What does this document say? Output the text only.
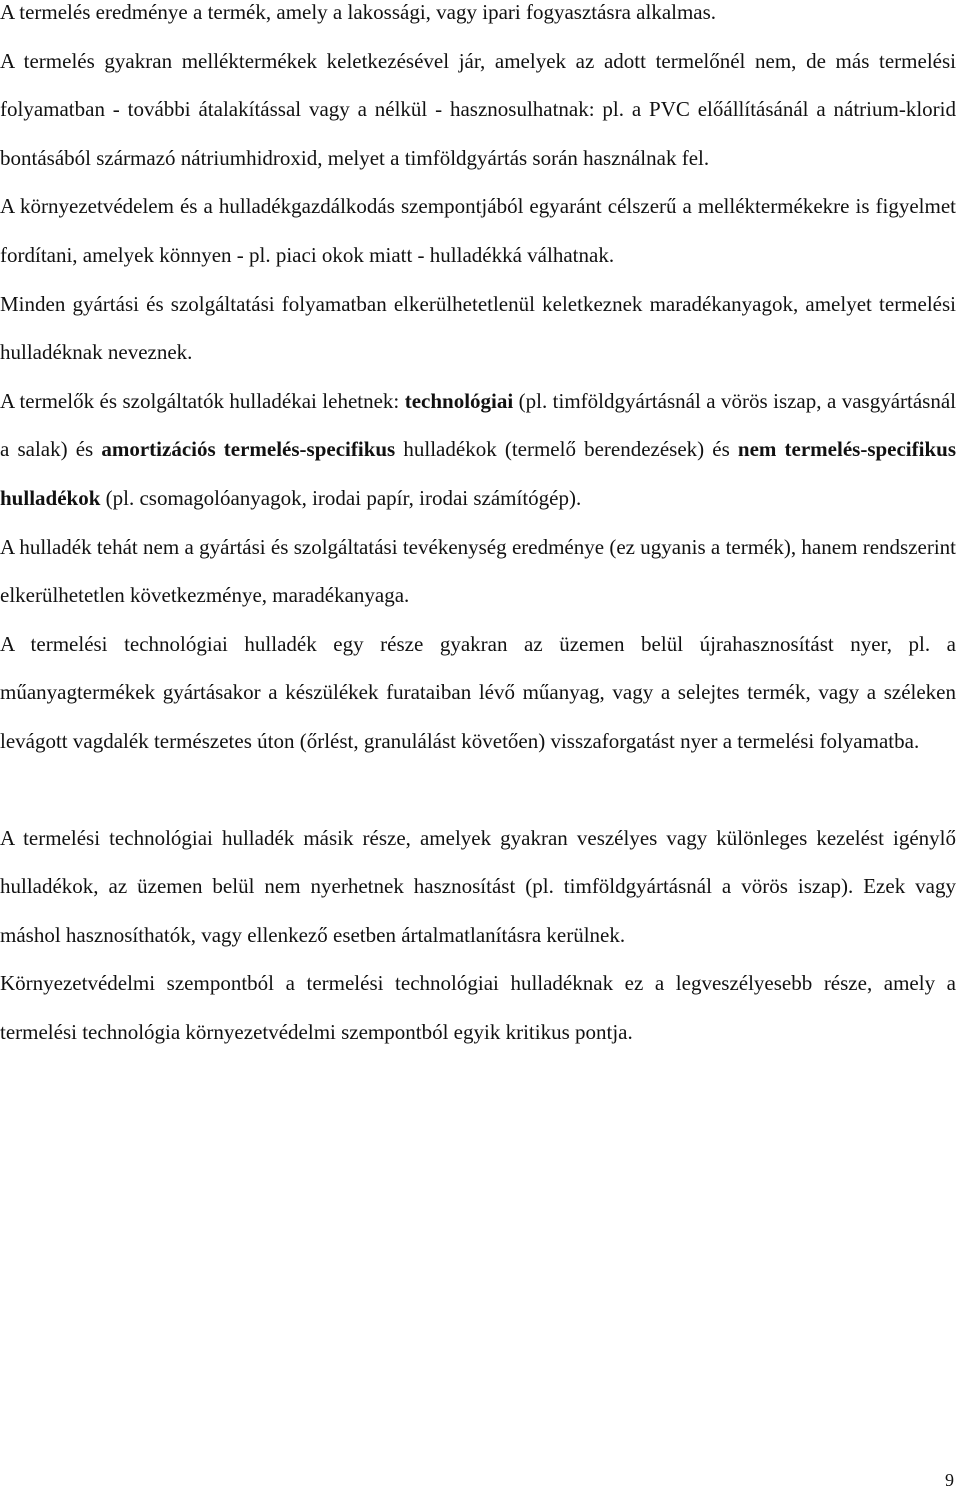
A termelés eredménye a termék, amely a lakossági, vagy ipari fogyasztásra alkalmas.

A termelés gyakran melléktermékek keletkezésével jár, amelyek az adott termelőnél nem, de más termelési folyamatban - további átalakítással vagy a nélkül - hasznosulhatnak: pl. a PVC előállításánál a nátrium-klorid bontásából származó nátriumhidroxid, melyet a timföldgyártás során használnak fel.

A környezetvédelem és a hulladékgazdálkodás szempontjából egyaránt célszerű a melléktermékekre is figyelmet fordítani, amelyek könnyen - pl. piaci okok miatt - hulladékká válhatnak.

Minden gyártási és szolgáltatási folyamatban elkerülhetetlenül keletkeznek maradékanyagok, amelyet termelési hulladéknak neveznek.

A termelők és szolgáltatók hulladékai lehetnek: technológiai (pl. timföldgyártásnál a vörös iszap, a vasgyártásnál a salak) és amortizációs termelés-specifikus hulladékok (termelő berendezések) és nem termelés-specifikus hulladékok (pl. csomagolóanyagok, irodai papír, irodai számítógép).

A hulladék tehát nem a gyártási és szolgáltatási tevékenység eredménye (ez ugyanis a termék), hanem rendszerint elkerülhetetlen következménye, maradékanyaga.

A termelési technológiai hulladék egy része gyakran az üzemen belül újrahasznosítást nyer, pl. a műanyagtermékek gyártásakor a készülékek furataiban lévő műanyag, vagy a selejtes termék, vagy a széleken levágott vagdalék természetes úton (őrlést, granulálást követően) visszaforgatást nyer a termelési folyamatba.

A termelési technológiai hulladék másik része, amelyek gyakran veszélyes vagy különleges kezelést igénylő hulladékok, az üzemen belül nem nyerhetnek hasznosítást (pl. timföldgyártásnál a vörös iszap). Ezek vagy máshol hasznosíthatók, vagy ellenkező esetben ártalmatlanításra kerülnek.

Környezetvédelmi szempontból a termelési technológiai hulladéknak ez a legveszélyesebb része, amely a termelési technológia környezetvédelmi szempontból egyik kritikus pontja.

9
